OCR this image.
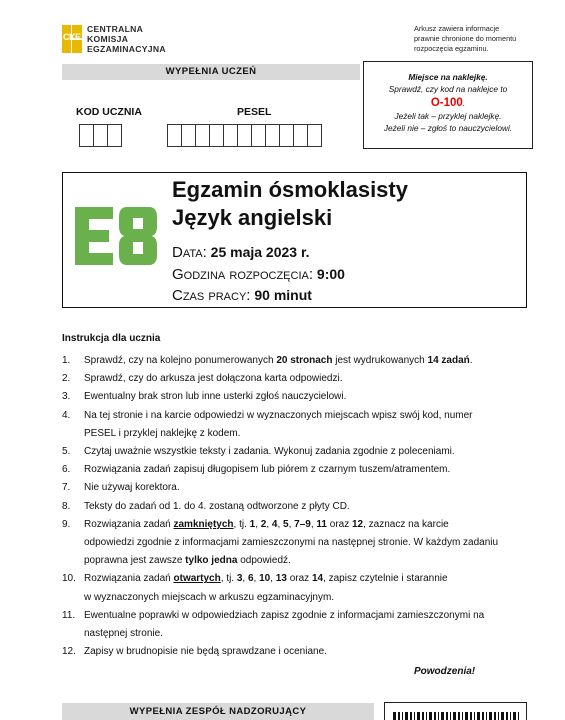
CKE
CENTRALNA
KOMISJA
EGZAMINACYJNA
Arkusz zawiera informacje
prawnie chronione do momentu
rozpoczęcia egzaminu.
WYPEŁNIA UCZEŃ
KOD UCZNIA	PESEL
Miejsce na naklejkę.
Sprawdź, czy kod na naklejce to
O-100.
Jeżeli tak – przyklej naklejkę.
Jeżeli nie – zgłoś to nauczycielowi.
Egzamin ósmoklasisty
Język angielski
Data: 25 maja 2023 r.
Godzina rozpoczęcia: 9:00
Czas pracy: 90 minut
Instrukcja dla ucznia
1. Sprawdź, czy na kolejno ponumerowanych 20 stronach jest wydrukowanych 14 zadań.
2. Sprawdź, czy do arkusza jest dołączona karta odpowiedzi.
3. Ewentualny brak stron lub inne usterki zgłoś nauczycielowi.
4. Na tej stronie i na karcie odpowiedzi w wyznaczonych miejscach wpisz swój kod, numer
PESEL i przyklej naklejkę z kodem.
5. Czytaj uważnie wszystkie teksty i zadania. Wykonuj zadania zgodnie z poleceniami.
6. Rozwiązania zadań zapisuj długopisem lub piórem z czarnym tuszem/atramentem.
7. Nie używaj korektora.
8. Teksty do zadań od 1. do 4. zostaną odtworzone z płyty CD.
9. Rozwiązania zadań zamkniętych, tj. 1, 2, 4, 5, 7–9, 11 oraz 12, zaznacz na karcie
odpowiedzi zgodnie z informacjami zamieszczonymi na następnej stronie. W każdym zadaniu
poprawna jest zawsze tylko jedna odpowiedź.
10. Rozwiązania zadań otwartych, tj. 3, 6, 10, 13 oraz 14, zapisz czytelnie i starannie
w wyznaczonych miejscach w arkuszu egzaminacyjnym.
11. Ewentualne poprawki w odpowiedziach zapisz zgodnie z informacjami zamieszczonymi na
następnej stronie.
12. Zapisy w brudnopisie nie będą sprawdzane i oceniane.
Powodzenia!
WYPEŁNIA ZESPÓŁ NADZORUJĄCY
